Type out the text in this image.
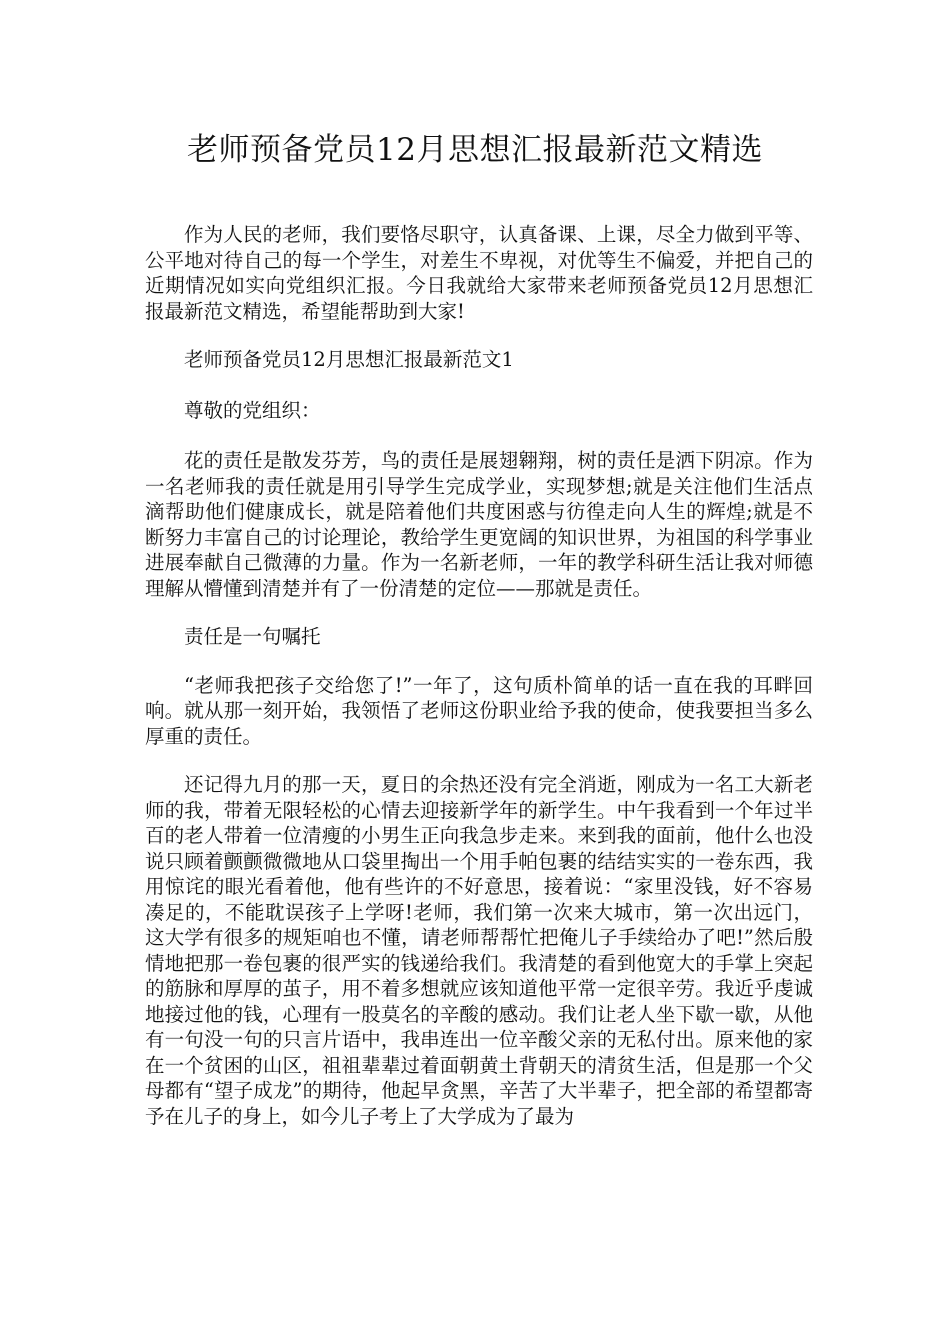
老师预备党员12月思想汇报最新范文精选

作为人民的老师，我们要恪尽职守，认真备课、上课，尽全力做到平等、公平地对待自己的每一个学生，对差生不卑视，对优等生不偏爱，并把自己的近期情况如实向党组织汇报。今日我就给大家带来老师预备党员12月思想汇报最新范文精选，希望能帮助到大家!

老师预备党员12月思想汇报最新范文1

尊敬的党组织：

花的责任是散发芬芳，鸟的责任是展翅翱翔，树的责任是洒下阴凉。作为一名老师我的责任就是用引导学生完成学业，实现梦想;就是关注他们生活点滴帮助他们健康成长，就是陪着他们共度困惑与彷徨走向人生的辉煌;就是不断努力丰富自己的讨论理论，教给学生更宽阔的知识世界，为祖国的科学事业进展奉献自己微薄的力量。作为一名新老师，一年的教学科研生活让我对师德理解从懵懂到清楚并有了一份清楚的定位——那就是责任。

责任是一句嘱托

“老师我把孩子交给您了!”一年了，这句质朴简单的话一直在我的耳畔回响。就从那一刻开始，我领悟了老师这份职业给予我的使命，使我要担当多么厚重的责任。

还记得九月的那一天，夏日的余热还没有完全消逝，刚成为一名工大新老师的我，带着无限轻松的心情去迎接新学年的新学生。中午我看到一个年过半百的老人带着一位清瘦的小男生正向我急步走来。来到我的面前，他什么也没说只顾着颤颤微微地从口袋里掏出一个用手帕包裹的结结实实的一卷东西，我用惊诧的眼光看着他，他有些许的不好意思，接着说：“家里没钱，好不容易凑足的，不能耽误孩子上学呀!老师，我们第一次来大城市，第一次出远门，这大学有很多的规矩咱也不懂，请老师帮帮忙把俺儿子手续给办了吧!”然后殷情地把那一卷包裹的很严实的钱递给我们。我清楚的看到他宽大的手掌上突起的筋脉和厚厚的茧子，用不着多想就应该知道他平常一定很辛劳。我近乎虔诚地接过他的钱，心理有一股莫名的辛酸的感动。我们让老人坐下歇一歇，从他有一句没一句的只言片语中，我串连出一位辛酸父亲的无私付出。原来他的家在一个贫困的山区，祖祖辈辈过着面朝黄土背朝天的清贫生活，但是那一个父母都有“望子成龙”的期待，他起早贪黑，辛苦了大半辈子，把全部的希望都寄予在儿子的身上，如今儿子考上了大学成为了最为
